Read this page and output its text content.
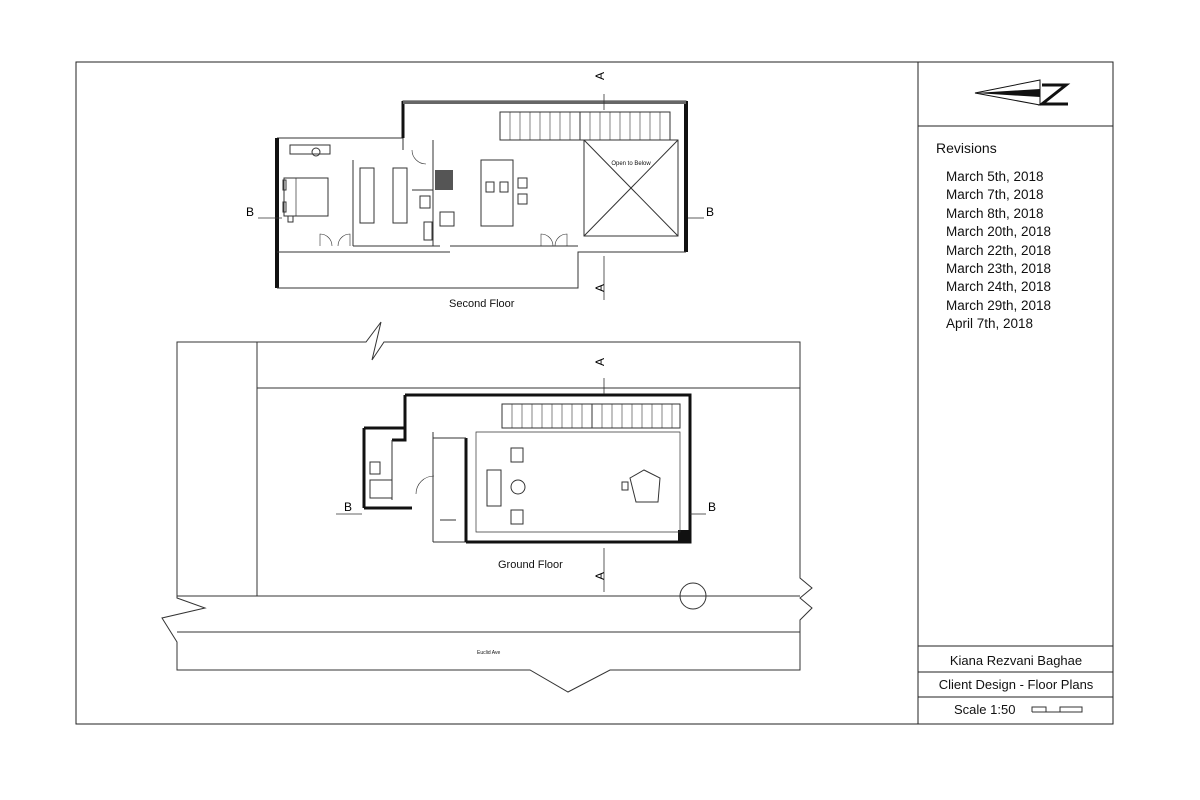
A
A
A
A
B	B
B	B
Open to Below
Second Floor
Ground Floor
Euclid Ave
Revisions
March 5th, 2018
March 7th, 2018
March 8th, 2018
March 20th, 2018
March 22th, 2018
March 23th, 2018
March 24th, 2018
March 29th, 2018
April 7th, 2018
Kiana Rezvani Baghae
Client Design - Floor Plans
Scale 1:50
